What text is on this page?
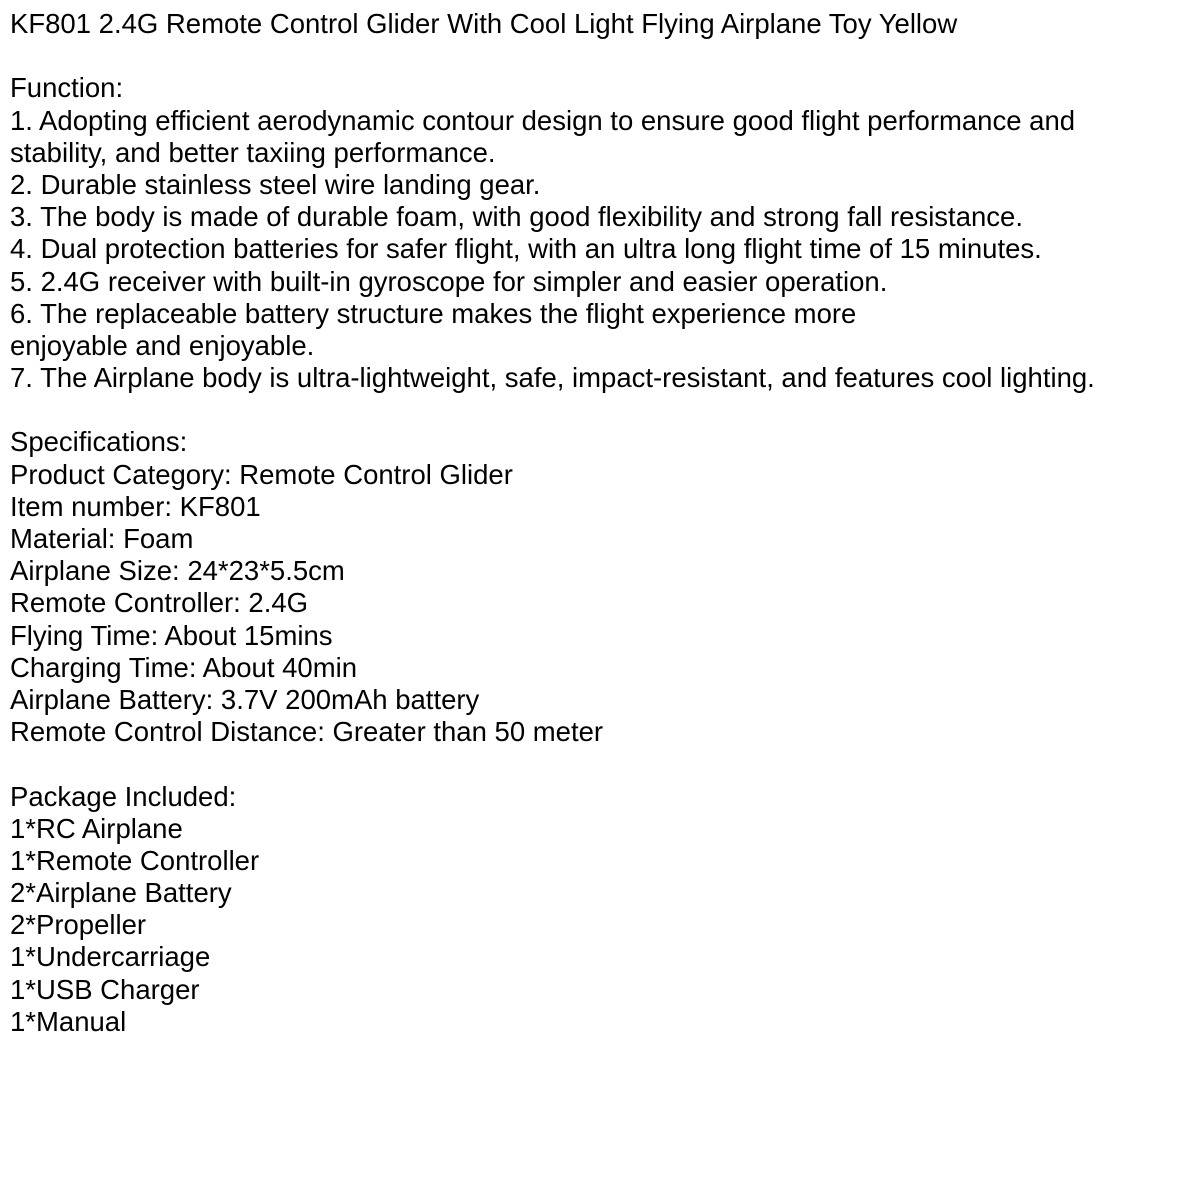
KF801 2.4G Remote Control Glider With Cool Light Flying Airplane Toy Yellow
Function:
1. Adopting efficient aerodynamic contour design to ensure good flight performance and
stability, and better taxiing performance.
2. Durable stainless steel wire landing gear.
3. The body is made of durable foam, with good flexibility and strong fall resistance.
4. Dual protection batteries for safer flight, with an ultra long flight time of 15 minutes.
5. 2.4G receiver with built-in gyroscope for simpler and easier operation.
6. The replaceable battery structure makes the flight experience more
enjoyable and enjoyable.
7. The Airplane body is ultra-lightweight, safe, impact-resistant, and features cool lighting.
Specifications:
Product Category: Remote Control Glider
Item number: KF801
Material: Foam
Airplane Size: 24*23*5.5cm
Remote Controller: 2.4G
Flying Time: About 15mins
Charging Time: About 40min
Airplane Battery: 3.7V 200mAh battery
Remote Control Distance: Greater than 50 meter
Package Included:
1*RC Airplane
1*Remote Controller
2*Airplane Battery
2*Propeller
1*Undercarriage
1*USB Charger
1*Manual
